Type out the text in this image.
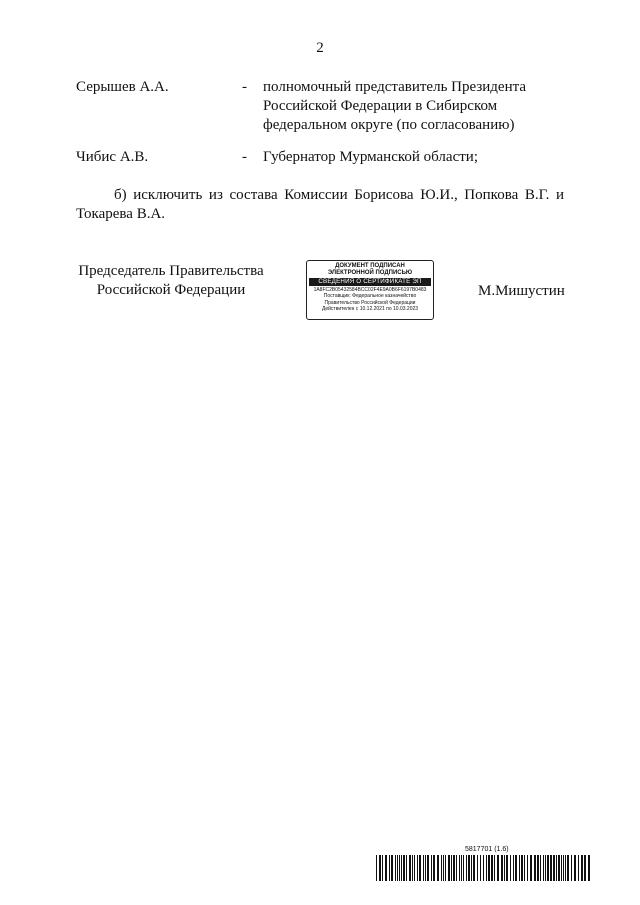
2
Серышев А.А.	- полномочный представитель Президента
Российской Федерации в Сибирском
федеральном округе (по согласованию)
Чибис А.В.	- Губернатор Мурманской области;
б) исключить из состава Комиссии Борисова Ю.И., Попкова В.Г. и Токарева В.А.
Председатель Правительства
Российской Федерации
ДОКУМЕНТ ПОДПИСАН
ЭЛЕКТРОННОЙ ПОДПИСЬЮ
СВЕДЕНИЯ О СЕРТИФИКАТЕ ЭП
1A8FC2B05432584BCC02F4E9A0B6F6197B0483
Поставщик: Федеральное казначейство
Правительство Российской Федерации
Действителен с 10.12.2021 по 10.03.2023
М.Мишустин
5817701 (1.6)
